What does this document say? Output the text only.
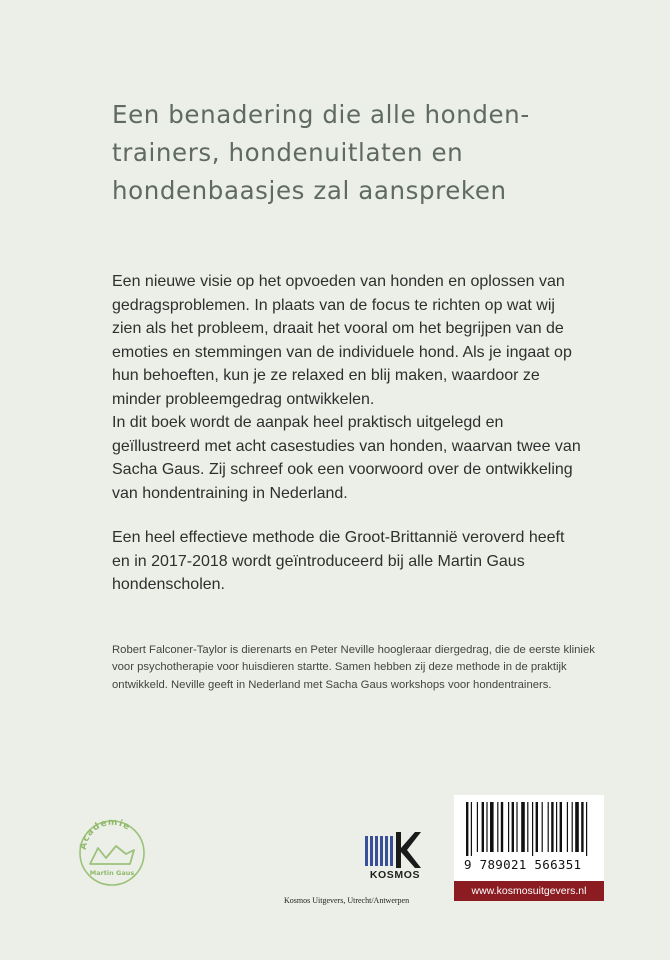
Een benadering die alle honden-
trainers, hondenuitlaten en
hondenbaasjes zal aanspreken
Een nieuwe visie op het opvoeden van honden en oplossen van
gedragsproblemen. In plaats van de focus te richten op wat wij
zien als het probleem, draait het vooral om het begrijpen van de
emoties en stemmingen van de individuele hond. Als je ingaat op
hun behoeften, kun je ze relaxed en blij maken, waardoor ze
minder probleemgedrag ontwikkelen.
In dit boek wordt de aanpak heel praktisch uitgelegd en
geïllustreerd met acht casestudies van honden, waarvan twee van
Sacha Gaus. Zij schreef ook een voorwoord over de ontwikkeling
van hondentraining in Nederland.
Een heel effectieve methode die Groot-Brittannië veroverd heeft
en in 2017-2018 wordt geïntroduceerd bij alle Martin Gaus
hondenscholen.
Robert Falconer-Taylor is dierenarts en Peter Neville hoogleraar diergedrag, die de eerste kliniek
voor psychotherapie voor huisdieren startte. Samen hebben zij deze methode in de praktijk
ontwikkeld. Neville geeft in Nederland met Sacha Gaus workshops voor hondentrainers.
Academie
Martin Gaus	KOSMOS
Kosmos Uitgevers, Utrecht/Antwerpen
9 789021 566351
www.kosmosuitgevers.nl
